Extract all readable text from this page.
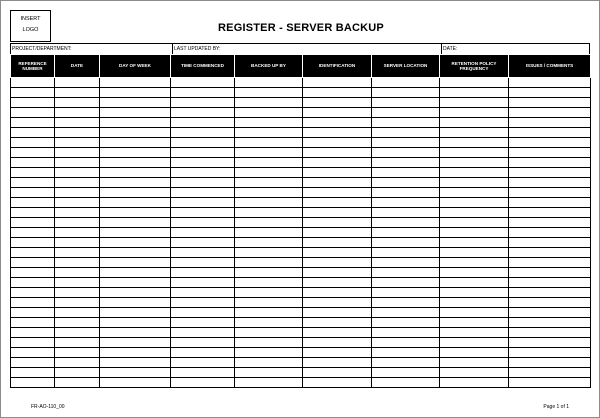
INSERT
LOGO	REGISTER - SERVER BACKUP
PROJECT/DEPARTMENT:	LAST UPDATED BY:	DATE:
REFERENCE NUMBER	DATE	DAY OF WEEK	TIME COMMENCED	BACKED UP BY	IDENTIFICATION	SERVER LOCATION	RETENTION POLICY FREQUENCY	ISSUES / COMMENTS

FR-AO-110_00	Page 1 of 1
